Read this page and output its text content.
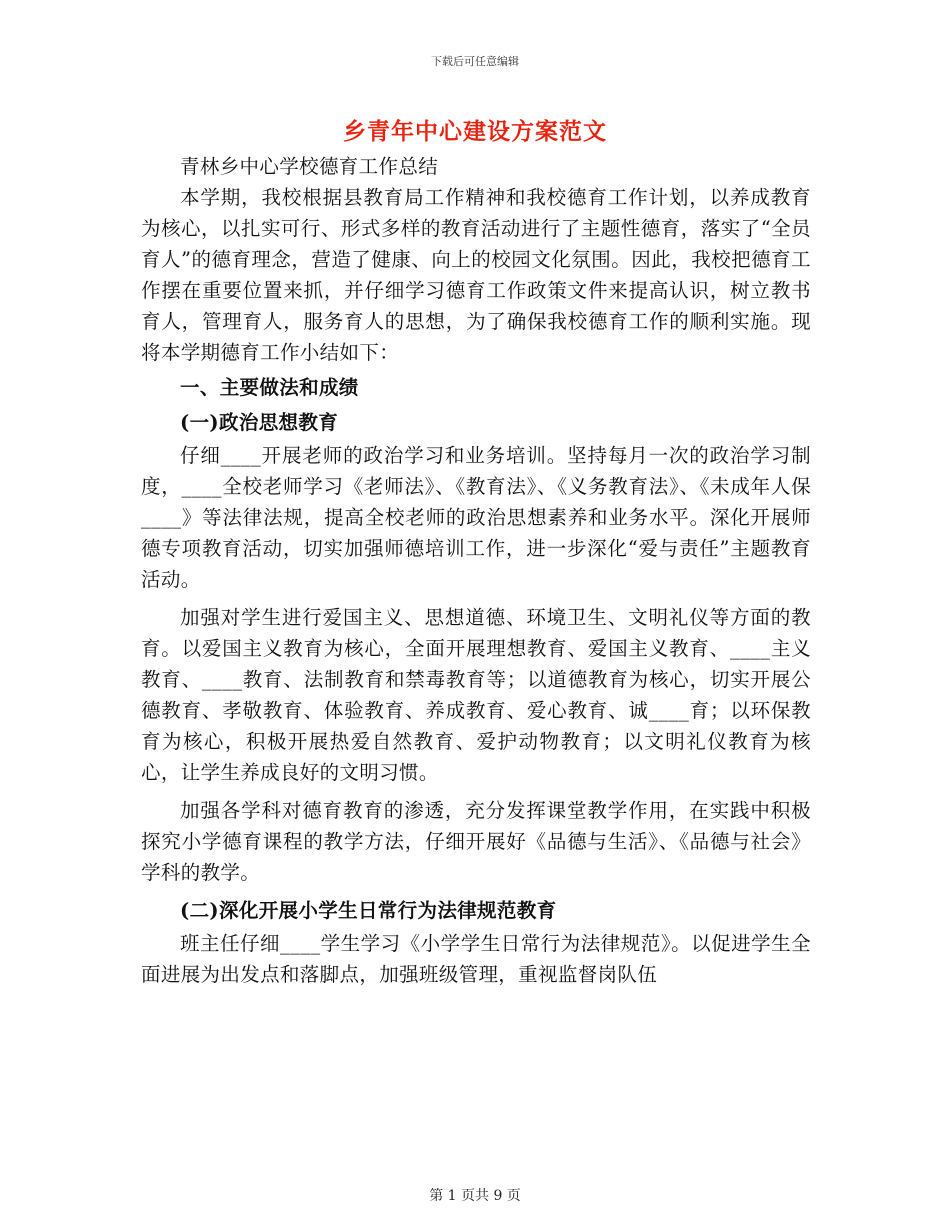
下载后可任意编辑
乡青年中心建设方案范文

青林乡中心学校德育工作总结

本学期，我校根据县教育局工作精神和我校德育工作计划，以养成教育为核心，以扎实可行、形式多样的教育活动进行了主题性德育，落实了“全员育人”的德育理念，营造了健康、向上的校园文化氛围。因此，我校把德育工作摆在重要位置来抓，并仔细学习德育工作政策文件来提高认识，树立教书育人，管理育人，服务育人的思想，为了确保我校德育工作的顺利实施。现将本学期德育工作小结如下：

一、主要做法和成绩

(一)政治思想教育

仔细____开展老师的政治学习和业务培训。坚持每月一次的政治学习制度，____全校老师学习《老师法》、《教育法》、《义务教育法》、《未成年人保____》等法律法规，提高全校老师的政治思想素养和业务水平。深化开展师德专项教育活动，切实加强师德培训工作，进一步深化“爱与责任”主题教育活动。

加强对学生进行爱国主义、思想道德、环境卫生、文明礼仪等方面的教育。以爱国主义教育为核心，全面开展理想教育、爱国主义教育、____主义教育、____教育、法制教育和禁毒教育等；以道德教育为核心，切实开展公德教育、孝敬教育、体验教育、养成教育、爱心教育、诚____育；以环保教育为核心，积极开展热爱自然教育、爱护动物教育；以文明礼仪教育为核心，让学生养成良好的文明习惯。

加强各学科对德育教育的渗透，充分发挥课堂教学作用，在实践中积极探究小学德育课程的教学方法，仔细开展好《品德与生活》、《品德与社会》学科的教学。

(二)深化开展小学生日常行为法律规范教育

班主任仔细____学生学习《小学学生日常行为法律规范》。以促进学生全面进展为出发点和落脚点，加强班级管理，重视监督岗队伍

第 1 页共 9 页
